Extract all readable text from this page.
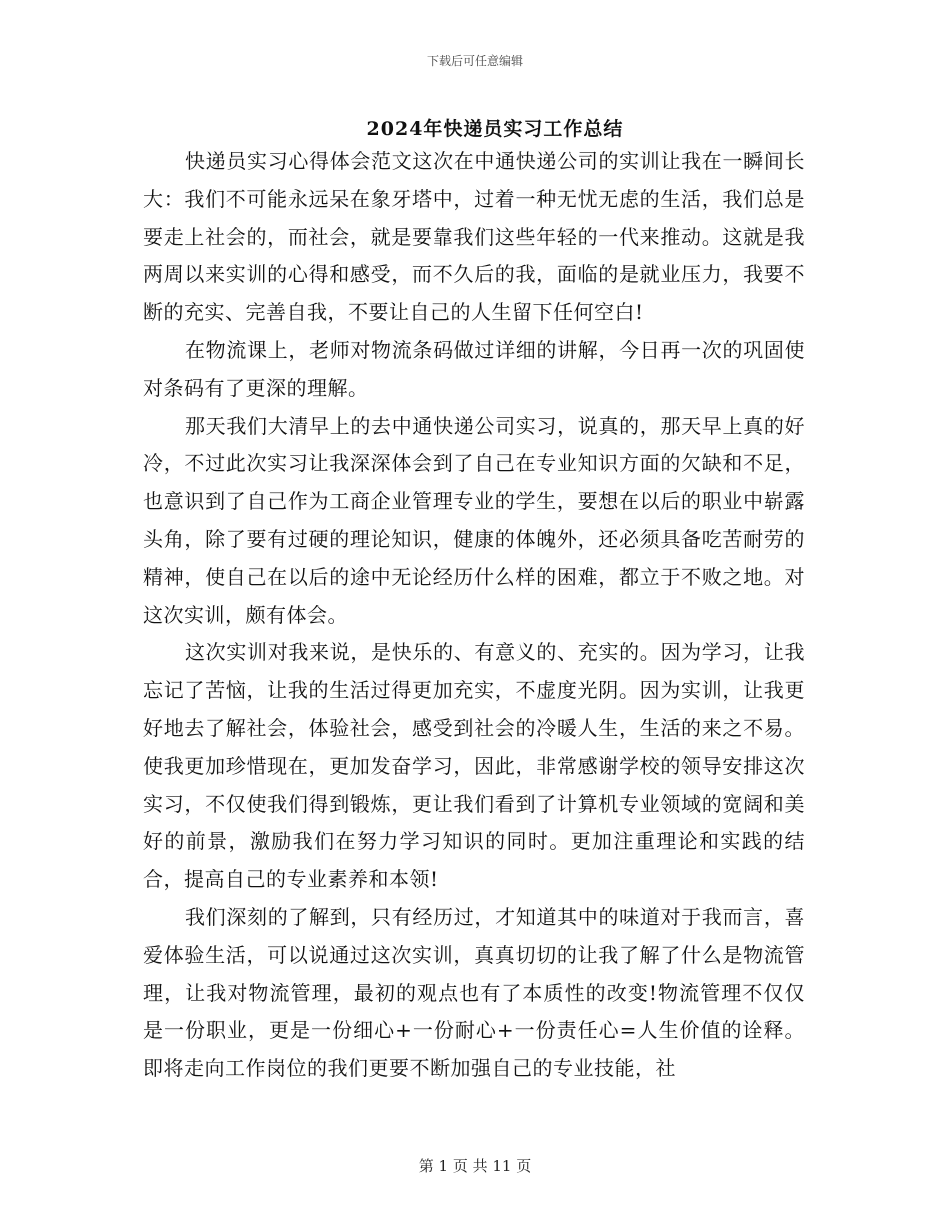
下载后可任意编辑
2024年快递员实习工作总结

快递员实习心得体会范文这次在中通快递公司的实训让我在一瞬间长大：我们不可能永远呆在象牙塔中，过着一种无忧无虑的生活，我们总是要走上社会的，而社会，就是要靠我们这些年轻的一代来推动。这就是我两周以来实训的心得和感受，而不久后的我，面临的是就业压力，我要不断的充实、完善自我，不要让自己的人生留下任何空白!

在物流课上，老师对物流条码做过详细的讲解，今日再一次的巩固使对条码有了更深的理解。

那天我们大清早上的去中通快递公司实习，说真的，那天早上真的好冷，不过此次实习让我深深体会到了自己在专业知识方面的欠缺和不足，也意识到了自己作为工商企业管理专业的学生，要想在以后的职业中崭露头角，除了要有过硬的理论知识，健康的体魄外，还必须具备吃苦耐劳的精神，使自己在以后的途中无论经历什么样的困难，都立于不败之地。对这次实训，颇有体会。

这次实训对我来说，是快乐的、有意义的、充实的。因为学习，让我忘记了苦恼，让我的生活过得更加充实，不虚度光阴。因为实训，让我更好地去了解社会，体验社会，感受到社会的冷暖人生，生活的来之不易。使我更加珍惜现在，更加发奋学习，因此，非常感谢学校的领导安排这次实习，不仅使我们得到锻炼，更让我们看到了计算机专业领域的宽阔和美好的前景，激励我们在努力学习知识的同时。更加注重理论和实践的结合，提高自己的专业素养和本领!

我们深刻的了解到，只有经历过，才知道其中的味道对于我而言，喜爱体验生活，可以说通过这次实训，真真切切的让我了解了什么是物流管理，让我对物流管理，最初的观点也有了本质性的改变!物流管理不仅仅是一份职业，更是一份细心+一份耐心+一份责任心=人生价值的诠释。即将走向工作岗位的我们更要不断加强自己的专业技能，社

第 1 页 共 11 页
